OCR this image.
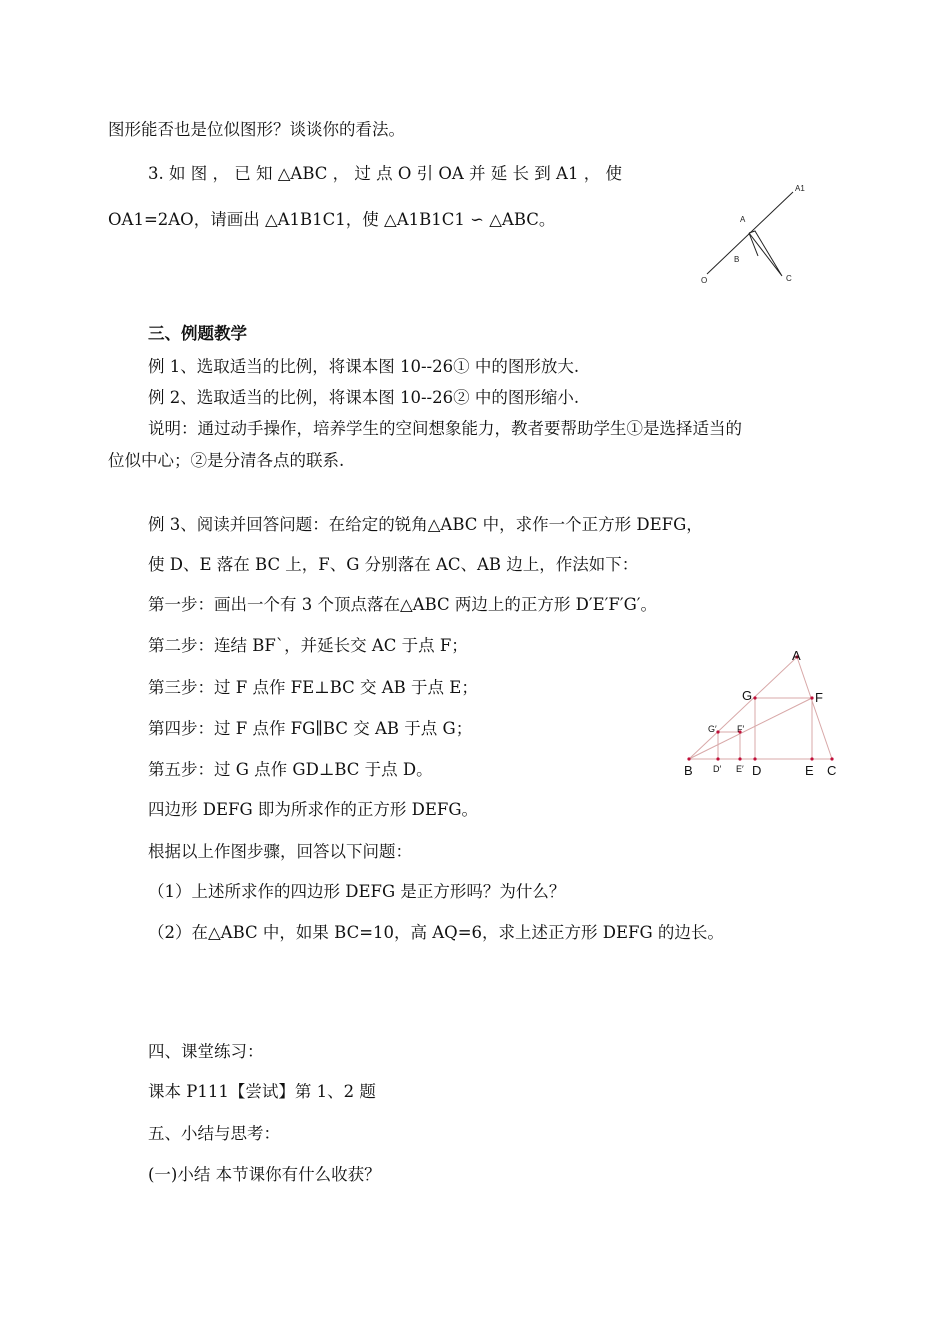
图形能否也是位似图形？谈谈你的看法。
3. 如 图 ， 已 知 △ABC ， 过 点 O 引 OA 并 延 长 到 A1 ， 使
OA1=2AO，请画出 △A1B1C1，使 △A1B1C1 ∽ △ABC。
A1
A
B
O	C
三、例题教学
例 1、选取适当的比例，将课本图 10--26① 中的图形放大.
例 2、选取适当的比例，将课本图 10--26② 中的图形缩小.
说明：通过动手操作，培养学生的空间想象能力，教者要帮助学生①是选择适当的
位似中心；②是分清各点的联系.
例 3、阅读并回答问题：在给定的锐角△ABC 中，求作一个正方形 DEFG，
使 D、E 落在 BC 上，F、G 分别落在 AC、AB 边上，作法如下：
第一步：画出一个有 3 个顶点落在△ABC 两边上的正方形 D′E′F′G′。
第二步：连结 BF`，并延长交 AC 于点 F；
第三步：过 F 点作 FE⊥BC 交 AB 于点 E；
第四步：过 F 点作 FG∥BC 交 AB 于点 G；
第五步：过 G 点作 GD⊥BC 于点 D。
四边形 DEFG 即为所求作的正方形 DEFG。
根据以上作图步骤，回答以下问题：
（1）上述所求作的四边形 DEFG 是正方形吗？为什么？
（2）在△ABC 中，如果 BC=10，高 AQ=6，求上述正方形 DEFG 的边长。
A
G	F
G′ F′
B D′ E′ D	E C
四、课堂练习：
课本 P111【尝试】第 1、2 题
五、小结与思考：
(一)小结 本节课你有什么收获？
